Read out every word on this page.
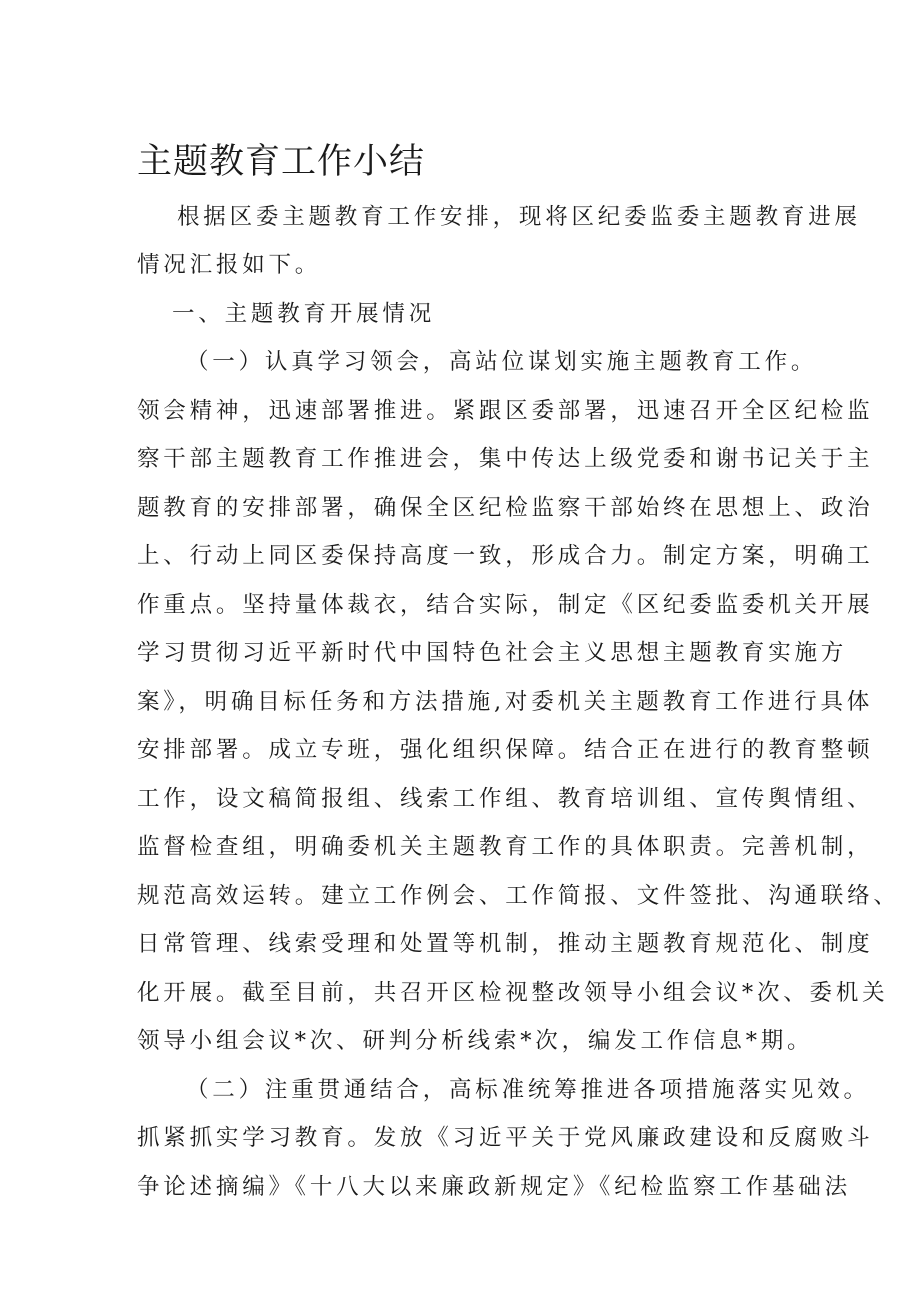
主题教育工作小结
根据区委主题教育工作安排，现将区纪委监委主题教育进展
情况汇报如下。
一、主题教育开展情况
（一）认真学习领会，高站位谋划实施主题教育工作。
领会精神，迅速部署推进。紧跟区委部署，迅速召开全区纪检监
察干部主题教育工作推进会，集中传达上级党委和谢书记关于主
题教育的安排部署，确保全区纪检监察干部始终在思想上、政治
上、行动上同区委保持高度一致，形成合力。制定方案，明确工
作重点。坚持量体裁衣，结合实际，制定《区纪委监委机关开展
学习贯彻习近平新时代中国特色社会主义思想主题教育实施方
案》，明确目标任务和方法措施,对委机关主题教育工作进行具体
安排部署。成立专班，强化组织保障。结合正在进行的教育整顿
工作，设文稿简报组、线索工作组、教育培训组、宣传舆情组、
监督检查组，明确委机关主题教育工作的具体职责。完善机制，
规范高效运转。建立工作例会、工作简报、文件签批、沟通联络、
日常管理、线索受理和处置等机制，推动主题教育规范化、制度
化开展。截至目前，共召开区检视整改领导小组会议*次、委机关
领导小组会议*次、研判分析线索*次，编发工作信息*期。
（二）注重贯通结合，高标准统筹推进各项措施落实见效。
抓紧抓实学习教育。发放《习近平关于党风廉政建设和反腐败斗
争论述摘编》《十八大以来廉政新规定》《纪检监察工作基础法
